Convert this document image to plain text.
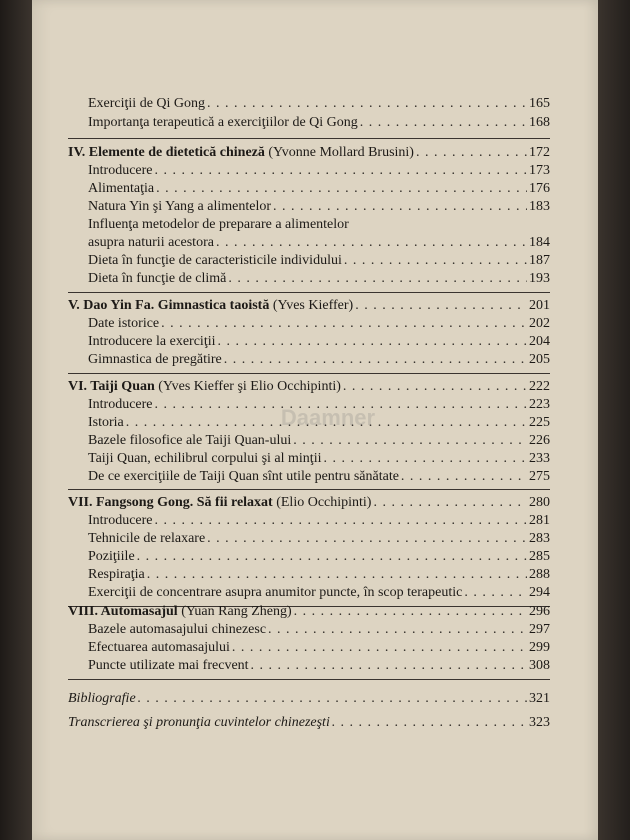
Exerciţii de Qi Gong . . .	165
Importanţa terapeutică a exerciţiilor de Qi Gong . . .	168
IV. Elemente de dietetică chineză (Yvonne Mollard Brusini) . . .	172
Introducere . . .	173
Alimentaţia . . .	176
Natura Yin şi Yang a alimentelor . . .	183
Influenţa metodelor de preparare a alimentelor
asupra naturii acestora . . .	184
Dieta în funcţie de caracteristicile individului . . .	187
Dieta în funcţie de climă . . .	193
V. Dao Yin Fa. Gimnastica taoistă (Yves Kieffer) . . .	201
Date istorice . . .	202
Introducere la exerciţii . . .	204
Gimnastica de pregătire . . .	205
VI. Taiji Quan (Yves Kieffer şi Elio Occhipinti) . . .	222
Introducere . . .	223
Istoria . . .	225
Bazele filosofice ale Taiji Quan-ului . . .	226
Taiji Quan, echilibrul corpului şi al minţii . . .	233
De ce exerciţiile de Taiji Quan sînt utile pentru sănătate . . .	275
VII. Fangsong Gong. Să fii relaxat (Elio Occhipinti) . . .	280
Introducere . . .	281
Tehnicile de relaxare . . .	283
Poziţiile . . .	285
Respiraţia . . .	288
Exerciţii de concentrare asupra anumitor puncte, în scop terapeutic . . .	294
VIII. Automasajul (Yuan Rang Zheng) . . .	296
Bazele automasajului chinezesc . . .	297
Efectuarea automasajului . . .	299
Puncte utilizate mai frecvent . . .	308
Bibliografie . . .	321
Transcrierea şi pronunţia cuvintelor chinezeşti . . .	323
Daamner
